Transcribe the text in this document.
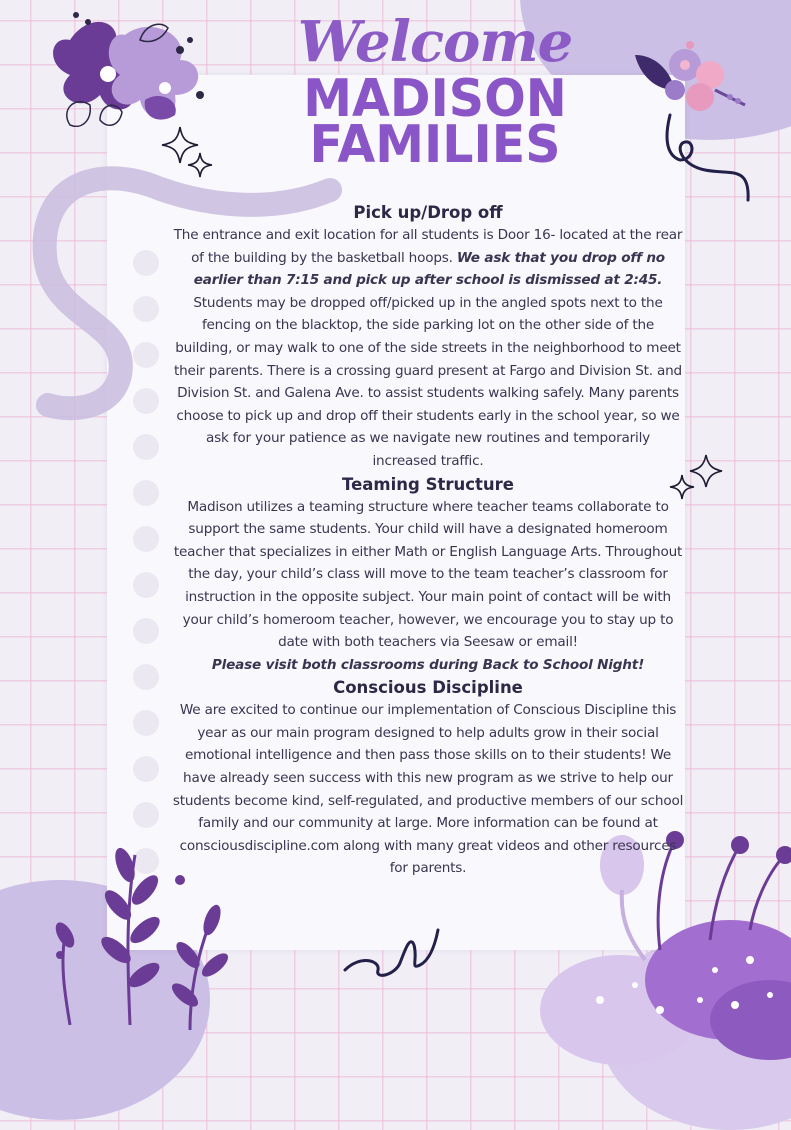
Welcome
MADISON
FAMILIES
Pick up/Drop off

The entrance and exit location for all students is Door 16- located at the rear of the building by the basketball hoops. We ask that you drop off no earlier than 7:15 and pick up after school is dismissed at 2:45. Students may be dropped off/picked up in the angled spots next to the fencing on the blacktop, the side parking lot on the other side of the building, or may walk to one of the side streets in the neighborhood to meet their parents. There is a crossing guard present at Fargo and Division St. and Division St. and Galena Ave. to assist students walking safely. Many parents choose to pick up and drop off their students early in the school year, so we ask for your patience as we navigate new routines and temporarily increased traffic.

Teaming Structure

Madison utilizes a teaming structure where teacher teams collaborate to support the same students. Your child will have a designated homeroom teacher that specializes in either Math or English Language Arts. Throughout the day, your child’s class will move to the team teacher’s classroom for instruction in the opposite subject. Your main point of contact will be with your child’s homeroom teacher, however, we encourage you to stay up to date with both teachers via Seesaw or email!
Please visit both classrooms during Back to School Night!

Conscious Discipline

We are excited to continue our implementation of Conscious Discipline this year as our main program designed to help adults grow in their social emotional intelligence and then pass those skills on to their students! We have already seen success with this new program as we strive to help our students become kind, self-regulated, and productive members of our school family and our community at large. More information can be found at consciousdiscipline.com along with many great videos and other resources for parents.
